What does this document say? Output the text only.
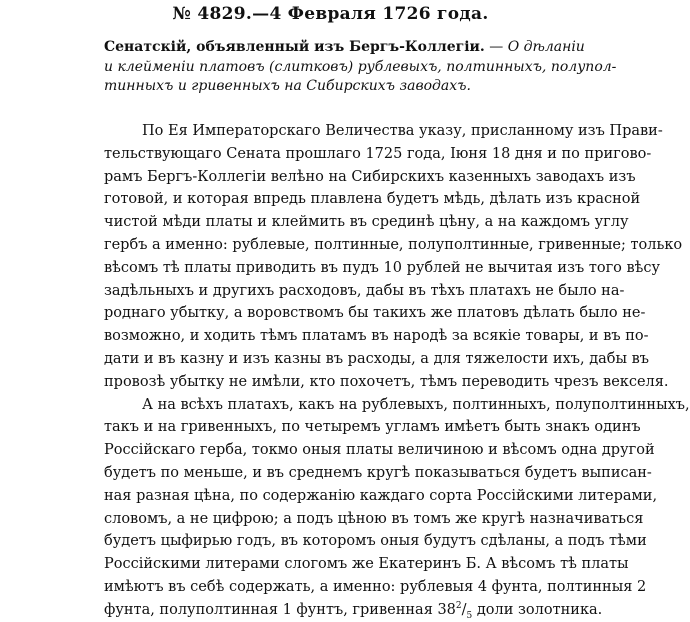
№ 4829.—4 Февраля 1726 года.
Сенатскiй, объявленный изъ Бергъ-Коллегiи. — О дѣланiи
и клейменiи платовъ (слитковъ) рублевыхъ, полтинныхъ, полупол-
тинныхъ и гривенныхъ на Сибирскихъ заводахъ.
По Ея Императорскаго Величества указу, присланному изъ Прави-
тельствующаго Сената прошлаго 1725 года, Iюня 18 дня и по пригово-
рамъ Бергъ-Коллегiи велѣно на Сибирскихъ казенныхъ заводахъ изъ
готовой, и которая впредь плавлена будетъ мѣдь, дѣлать изъ красной
чистой мѣди платы и клеймить въ срединѣ цѣну, а на каждомъ углу
гербъ а именно: рублевые, полтинные, полуполтинные, гривенные; только
вѣсомъ тѣ платы приводить въ пудъ 10 рублей не вычитая изъ того вѣсу
задѣльныхъ и другихъ расходовъ, дабы въ тѣхъ платахъ не было на-
роднаго убытку, а воровствомъ бы такихъ же платовъ дѣлать было не-
возможно, и ходить тѣмъ платамъ въ народѣ за всякiе товары, и въ по-
дати и въ казну и изъ казны въ расходы, а для тяжелости ихъ, дабы въ
провозѣ убытку не имѣли, кто похочетъ, тѣмъ переводить чрезъ векселя.
А на всѣхъ платахъ, какъ на рублевыхъ, полтинныхъ, полуполтинныхъ,
такъ и на гривенныхъ, по четыремъ угламъ имѣетъ быть знакъ одинъ
Россiйскаго герба, токмо оныя платы величиною и вѣсомъ одна другой
будетъ по меньше, и въ среднемъ кругѣ показываться будетъ выписан-
ная разная цѣна, по содержанiю каждаго сорта Россiйскими литерами,
словомъ, а не цифрою; а подъ цѣною въ томъ же кругѣ назначиваться
будетъ цыфирью годъ, въ которомъ оныя будутъ сдѣланы, а подъ тѣми
Россiйскими литерами слогомъ же Екатеринъ Б. А вѣсомъ тѣ платы
имѣютъ въ себѣ содержать, а именно: рублевыя 4 фунта, полтинныя 2
фунта, полуполтинная 1 фунтъ, гривенная $38^2/_5$ доли золотника.
